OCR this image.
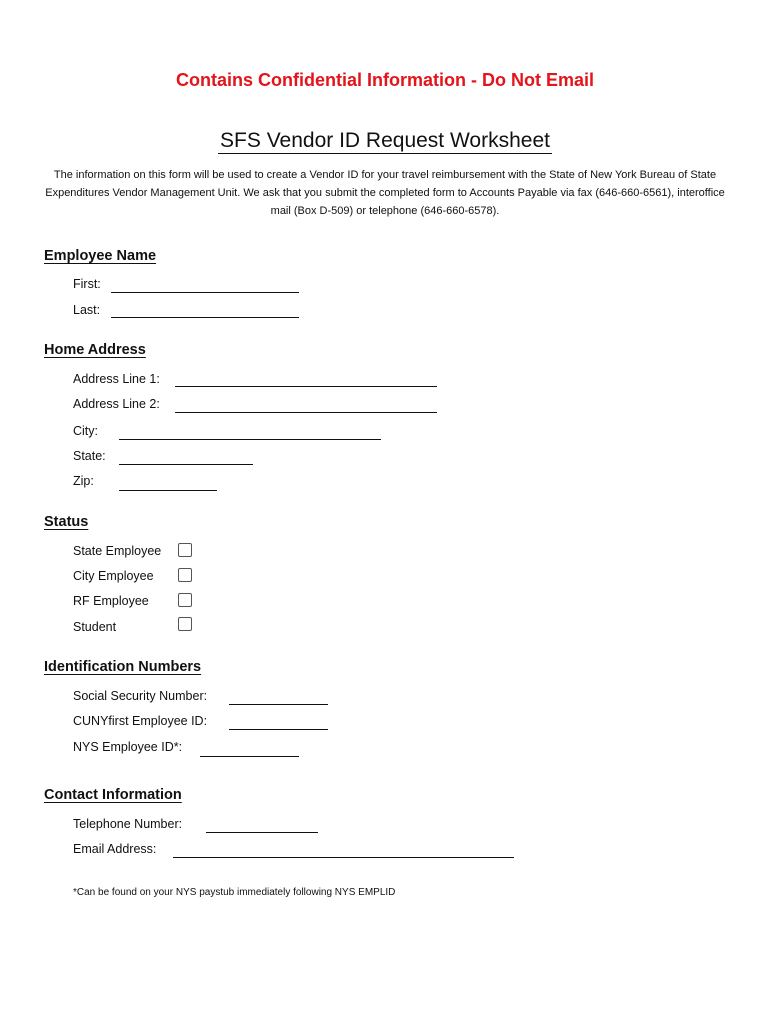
Contains Confidential Information - Do Not Email
SFS Vendor ID Request Worksheet
The information on this form will be used to create a Vendor ID for your travel reimbursement with the State of New York Bureau of State Expenditures Vendor Management Unit. We ask that you submit the completed form to Accounts Payable via fax (646-660-6561), interoffice mail (Box D-509) or telephone (646-660-6578).
Employee Name
First:
Last:
Home Address
Address Line 1:
Address Line 2:
City:
State:
Zip:
Status
State Employee
City Employee
RF Employee
Student
Identification Numbers
Social Security Number:
CUNYfirst Employee ID:
NYS Employee ID*:
Contact Information
Telephone Number:
Email Address:
*Can be found on your NYS paystub immediately following NYS EMPLID
